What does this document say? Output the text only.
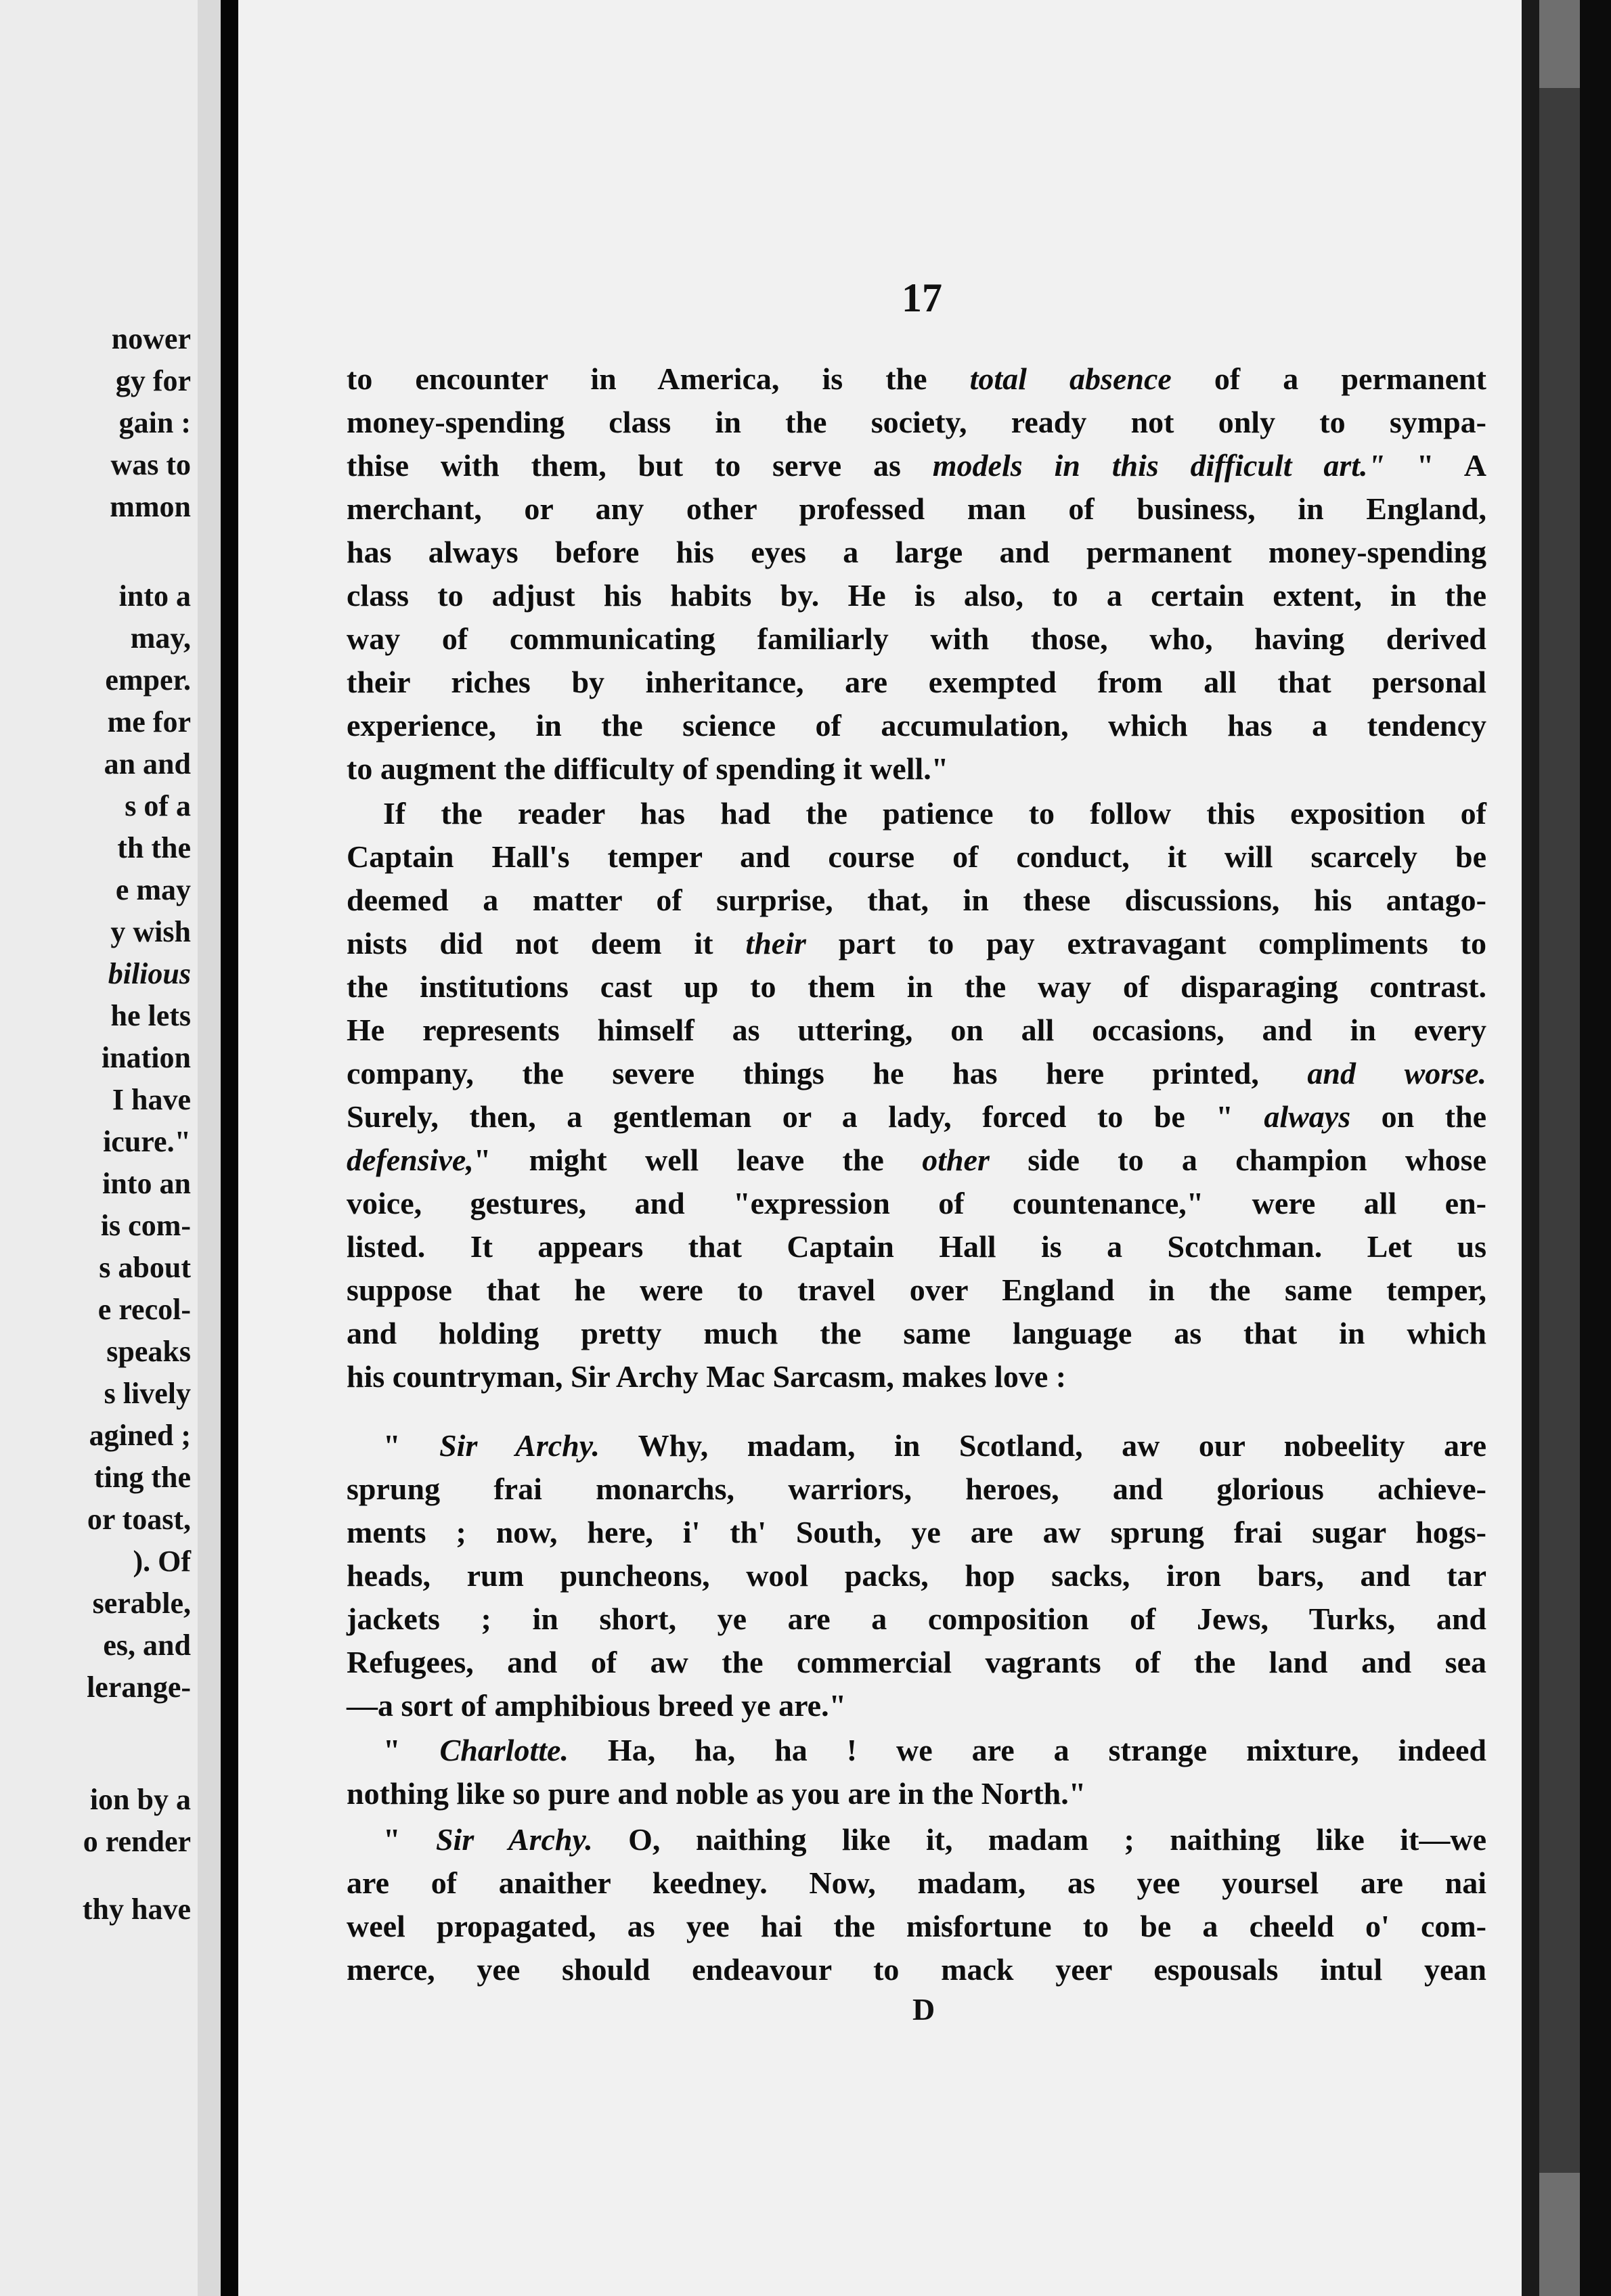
nower
gy for
gain :
was to
mmon
into a
may,
emper.
me for
an and
s of a
th the
e may
y wish
bilious
he lets
ination
I have
icure."
into an
is com-
s about
e recol-
speaks
s lively
agined ;
ting the
or toast,
). Of
serable,
es, and
lerange-
ion by a
o render
thy have
17
to encounter in America, is the total absence of a permanent
money-spending class in the society, ready not only to sympa-
thise with them, but to serve as models in this difficult art." " A
merchant, or any other professed man of business, in England,
has always before his eyes a large and permanent money-spending
class to adjust his habits by. He is also, to a certain extent, in the
way of communicating familiarly with those, who, having derived
their riches by inheritance, are exempted from all that personal
experience, in the science of accumulation, which has a tendency
to augment the difficulty of spending it well."
If the reader has had the patience to follow this exposition of
Captain Hall's temper and course of conduct, it will scarcely be
deemed a matter of surprise, that, in these discussions, his antago-
nists did not deem it their part to pay extravagant compliments to
the institutions cast up to them in the way of disparaging contrast.
He represents himself as uttering, on all occasions, and in every
company, the severe things he has here printed, and worse.
Surely, then, a gentleman or a lady, forced to be " always on the
defensive," might well leave the other side to a champion whose
voice, gestures, and "expression of countenance," were all en-
listed. It appears that Captain Hall is a Scotchman. Let us
suppose that he were to travel over England in the same temper,
and holding pretty much the same language as that in which
his countryman, Sir Archy Mac Sarcasm, makes love :
" Sir Archy. Why, madam, in Scotland, aw our nobeelity are
sprung frai monarchs, warriors, heroes, and glorious achieve-
ments ; now, here, i' th' South, ye are aw sprung frai sugar hogs-
heads, rum puncheons, wool packs, hop sacks, iron bars, and tar
jackets ; in short, ye are a composition of Jews, Turks, and
Refugees, and of aw the commercial vagrants of the land and sea
—a sort of amphibious breed ye are."
" Charlotte. Ha, ha, ha ! we are a strange mixture, indeed
nothing like so pure and noble as you are in the North."
" Sir Archy. O, naithing like it, madam ; naithing like it—we
are of anaither keedney. Now, madam, as yee yoursel are nai
weel propagated, as yee hai the misfortune to be a cheeld o' com-
merce, yee should endeavour to mack yeer espousals intul yean
D
